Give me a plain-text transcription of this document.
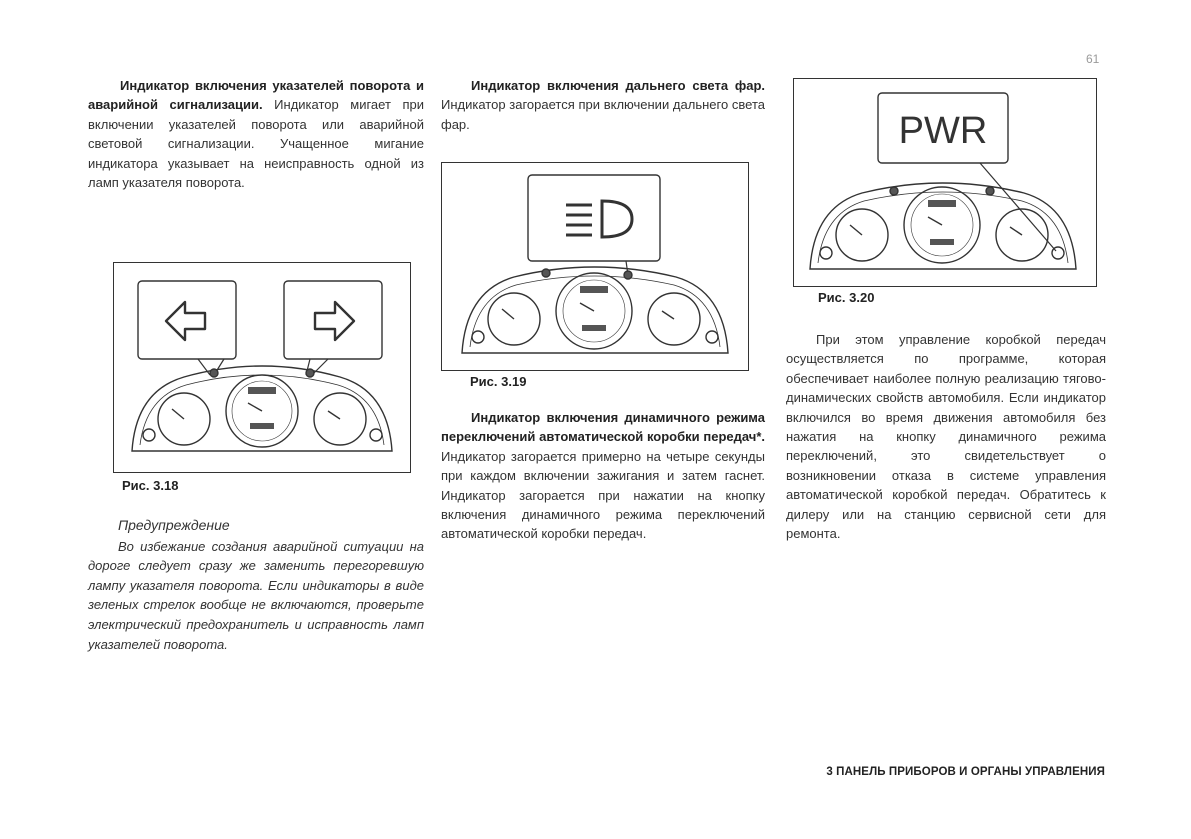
61

Индикатор включения указателей поворота и аварийной сигнализации. Индикатор мигает при включении указателей поворота или аварийной световой сигнализации. Учащенное мигание индикатора указывает на неисправность одной из ламп указателя поворота.

Рис. 3.18
Предупреждение
Во избежание создания аварийной ситуации на дороге следует сразу же заменить перегоревшую лампу указателя поворота. Если индикаторы в виде зеленых стрелок вообще не включаются, проверьте электрический предохранитель и исправность ламп указателей поворота.

Индикатор включения дальнего света фар. Индикатор загорается при включении дальнего света фар.

Рис. 3.19

Индикатор включения динамичного режима переключений автоматической коробки передач*. Индикатор загорается примерно на четыре секунды при каждом включении зажигания и затем гаснет. Индикатор загорается при нажатии на кнопку включения динамичного режима переключений автоматической коробки передач.

PWR
Рис. 3.20

При этом управление коробкой передач осуществляется по программе, которая обеспечивает наиболее полную реализацию тягово-динамических свойств автомобиля. Если индикатор включился во время движения автомобиля без нажатия на кнопку динамичного режима переключений, это свидетельствует о возникновении отказа в системе управления автоматической коробкой передач. Обратитесь к дилеру или на станцию сервисной сети для ремонта.

3 ПАНЕЛЬ ПРИБОРОВ И ОРГАНЫ УПРАВЛЕНИЯ
